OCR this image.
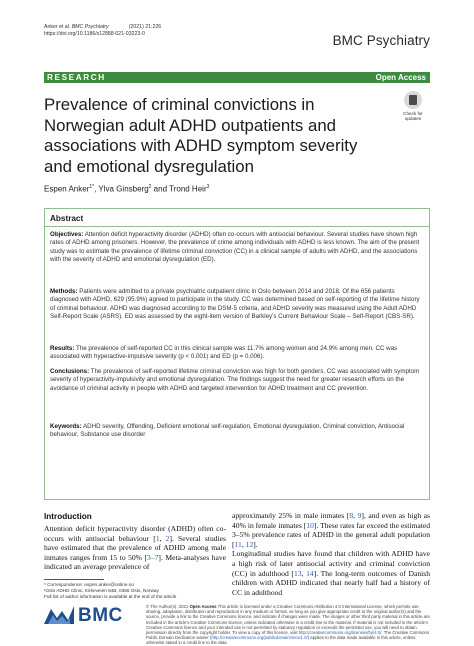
Anker et al. BMC Psychiatry	(2021) 21:226
https://doi.org/10.1186/s12888-021-03223-0	BMC Psychiatry
RESEARCH	Open Access
Prevalence of criminal convictions in Norwegian adult ADHD outpatients and associations with ADHD symptom severity and emotional dysregulation
Check for updates
Espen Anker$^{1*}$, Ylva Ginsberg$^2$ and Trond Heir$^3$
Abstract

Objectives: Attention deficit hyperactivity disorder (ADHD) often co-occurs with antisocial behaviour. Several studies have shown high rates of ADHD among prisoners. However, the prevalence of crime among individuals with ADHD is less known. The aim of the present study was to estimate the prevalence of lifetime criminal conviction (CC) in a clinical sample of adults with ADHD, and the associations with the severity of ADHD and emotional dysregulation (ED).

Methods: Patients were admitted to a private psychiatric outpatient clinic in Oslo between 2014 and 2018. Of the 656 patients diagnosed with ADHD, 629 (95.9%) agreed to participate in the study. CC was determined based on self-reporting of the lifetime history of criminal behaviour. ADHD was diagnosed according to the DSM-5 criteria, and ADHD severity was measured using the Adult ADHD Self-Report Scale (ASRS). ED was assessed by the eight-item version of Barkley's Current Behaviour Scale – Self-Report (CBS-SR).

Results: The prevalence of self-reported CC in this clinical sample was 11.7% among women and 24.9% among men. CC was associated with hyperactive-impulsive severity (p < 0.001) and ED (p = 0.006).

Conclusions: The prevalence of self-reported lifetime criminal conviction was high for both genders. CC was associated with symptom severity of hyperactivity-impulsivity and emotional dysregulation. The findings suggest the need for greater research efforts on the avoidance of criminal activity in people with ADHD and targeted intervention for ADHD treatment and CC prevention.

Keywords: ADHD severity, Offending, Deficient emotional self-regulation, Emotional dysregulation, Criminal conviction, Antisocial behaviour, Substance use disorder

Introduction

Attention deficit hyperactivity disorder (ADHD) often co-occurs with antisocial behaviour [1, 2]. Several studies have estimated that the prevalence of ADHD among male inmates ranges from 15 to 50% [3–7]. Meta-analyses have indicated an average prevalence of

approximately 25% in male inmates [8, 9], and even as high as 40% in female inmates [10]. These rates far exceed the estimated 3–5% prevalence rates of ADHD in the general adult population [11, 12].
Longitudinal studies have found that children with ADHD have a high risk of later antisocial activity and criminal conviction (CC) in adulthood [13, 14]. The long-term outcomes of Danish children with ADHD indicated that nearly half had a history of CC in adulthood

* Correspondence: espen.anker@online.no
¹Oslo ADHD Clinic, Kirkeveien 64B, 0366 Oslo, Norway
Full list of author information is available at the end of the article
BMC	© The Author(s). 2021 Open Access This article is licensed under a Creative Commons Attribution 4.0 International License, which permits use, sharing, adaptation, distribution and reproduction in any medium or format, as long as you give appropriate credit to the original author(s) and the source, provide a link to the Creative Commons licence, and indicate if changes were made. The images or other third party material in this article are included in the article's Creative Commons licence, unless indicated otherwise in a credit line to the material. If material is not included in the article's Creative Commons licence and your intended use is not permitted by statutory regulation or exceeds the permitted use, you will need to obtain permission directly from the copyright holder. To view a copy of this licence, visit http://creativecommons.org/licenses/by/4.0/. The Creative Commons Public Domain Dedication waiver (http://creativecommons.org/publicdomain/zero/1.0/) applies to the data made available in this article, unless otherwise stated in a credit line to the data.
